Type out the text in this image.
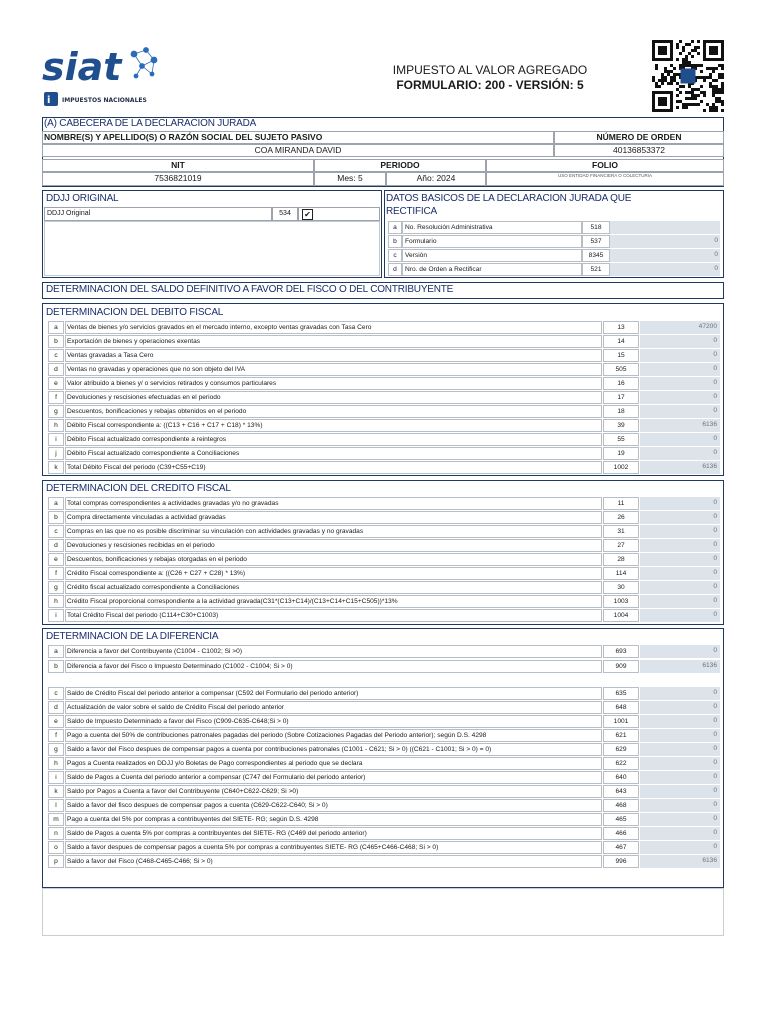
siat
i IMPUESTOS NACIONALES
IMPUESTO AL VALOR AGREGADO
FORMULARIO: 200 - VERSIÓN: 5
(A) CABECERA DE LA DECLARACION JURADA
NOMBRE(S) Y APELLIDO(S) O RAZÓN SOCIAL DEL SUJETO PASIVO	NÚMERO DE ORDEN
COA MIRANDA DAVID	40136853372
NIT	PERIODO	FOLIO
7536821019	Mes: 5	Año: 2024	USO ENTIDAD FINANCIERA O COLECTURIA
DDJJ ORIGINAL
DDJJ Original	534	✔
DATOS BASICOS DE LA DECLARACION JURADA QUE
RECTIFICA
a	No. Resolución Administrativa	518
b	Formulario	537	0
c	Versión	8345	0
d	Nro. de Orden a Rectificar	521	0
DETERMINACION DEL SALDO DEFINITIVO A FAVOR DEL FISCO O DEL CONTRIBUYENTE
DETERMINACION DEL DEBITO FISCAL
a	Ventas de bienes y/o servicios gravados en el mercado interno, excepto ventas gravadas con Tasa Cero	13	47200
b	Exportación de bienes y operaciones exentas	14	0
c	Ventas gravadas a Tasa Cero	15	0
d	Ventas no gravadas y operaciones que no son objeto del IVA	505	0
e	Valor atribuido a bienes y/ o servicios retirados y consumos particulares	16	0
f	Devoluciones y rescisiones efectuadas en el periodo	17	0
g	Descuentos, bonificaciones y rebajas obtenidos en el periodo	18	0
h	Débito Fiscal correspondiente a: ((C13 + C16 + C17 + C18) * 13%)	39	6136
i	Débito Fiscal actualizado correspondiente a reintegros	55	0
j	Débito Fiscal actualizado correspondiente a Conciliaciones	19	0
k	Total Débito Fiscal del periodo (C39+C55+C19)	1002	6136
DETERMINACION DEL CREDITO FISCAL
a	Total compras correspondientes a actividades gravadas y/o no gravadas	11	0
b	Compra directamente vinculadas a actividad gravadas	26	0
c	Compras en las que no es posible discriminar su vinculación con actividades gravadas y no gravadas	31	0
d	Devoluciones y rescisiones recibidas en el periodo	27	0
e	Descuentos, bonificaciones y rebajas otorgadas en el periodo	28	0
f	Crédito Fiscal correspondiente a: ((C26 + C27 + C28) * 13%)	114	0
g	Crédito fiscal actualizado correspondiente a Conciliaciones	30	0
h	Crédito Fiscal proporcional correspondiente a la actividad gravada(C31*(C13+C14)/(C13+C14+C15+C505))*13%	1003	0
i	Total Crédito Fiscal del periodo (C114+C30+C1003)	1004	0
DETERMINACION DE LA DIFERENCIA
a	Diferencia a favor del Contribuyente (C1004 - C1002; Si >0)	693	0
b	Diferencia a favor del Fisco o Impuesto Determinado (C1002 - C1004; Si > 0)	909	6136
c	Saldo de Crédito Fiscal del periodo anterior a compensar (C592 del Formulario del periodo anterior)	635	0
d	Actualización de valor sobre el saldo de Crédito Fiscal del periodo anterior	648	0
e	Saldo de Impuesto Determinado a favor del Fisco (C909-C635-C648;Si > 0)	1001	0
f	Pago a cuenta del 50% de contribuciones patronales pagadas del periodo (Sobre Cotizaciones Pagadas del Periodo anterior); según D.S. 4298	621	0
g	Saldo a favor del Fisco despues de compensar pagos a cuenta por contribuciones patronales (C1001 - C621; Si > 0) ((C621 - C1001; Si > 0) = 0)	629	0
h	Pagos a Cuenta realizados en DDJJ y/o Boletas de Pago correspondientes al periodo que se declara	622	0
i	Saldo de Pagos a Cuenta del periodo anterior a compensar (C747 del Formulario del periodo anterior)	640	0
k	Saldo por Pagos a Cuenta a favor del Contribuyente (C640+C622-C629; Si >0)	643	0
l	Saldo a favor del fisco despues de compensar pagos a cuenta (C629-C622-C640; Si > 0)	468	0
m	Pago a cuenta del 5% por compras a contribuyentes del SIETE- RG; según D.S. 4298	465	0
n	Saldo de Pagos a cuenta 5% por compras a contribuyentes del SIETE- RG (C469 del periodo anterior)	466	0
o	Saldo a favor despues de compensar pagos a cuenta 5% por compras a contribuyentes SIETE- RG (C465+C466-C468; Si > 0)	467	0
p	Saldo a favor del Fisco (C468-C465-C466; Si > 0)	996	6136
